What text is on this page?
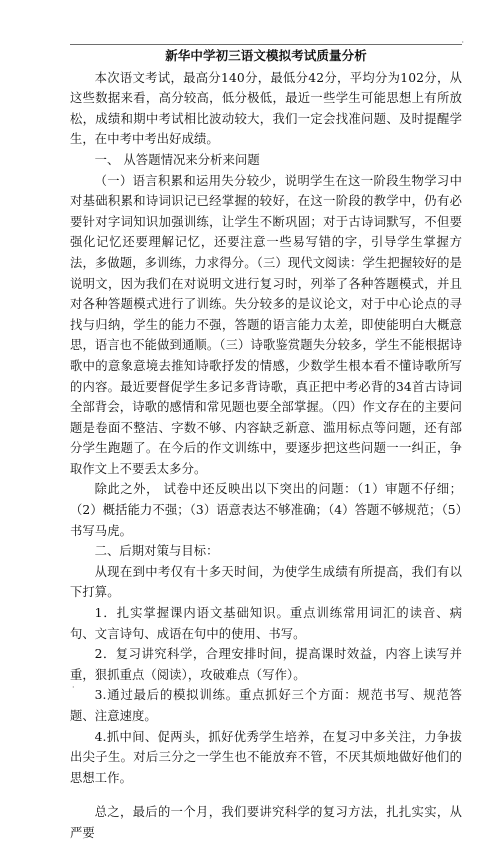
·

新华中学初三语文模拟考试质量分析

本次语文考试，最高分140分，最低分42分，平均分为102分，从这些数据来看，高分较高，低分极低，最近一些学生可能思想上有所放松，成绩和期中考试相比波动较大，我们一定会找准问题、及时提醒学生，在中考中考出好成绩。

一、 从答题情况来分析来问题

（一）语言积累和运用失分较少，说明学生在这一阶段生物学习中对基础积累和诗词识记已经掌握的较好，在这一阶段的教学中，仍有必要针对字词知识加强训练，让学生不断巩固；对于古诗词默写，不但要强化记忆还要理解记忆，还要注意一些易写错的字，引导学生掌握方法，多做题，多训练，力求得分。（三）现代文阅读：学生把握较好的是说明文，因为我们在对说明文进行复习时，列举了各种答题模式，并且对各种答题模式进行了训练。失分较多的是议论文，对于中心论点的寻找与归纳，学生的能力不强，答题的语言能力太差，即使能明白大概意思，语言也不能做到通顺。（三）诗歌鉴赏题失分较多，学生不能根据诗歌中的意象意境去推知诗歌抒发的情感，少数学生根本看不懂诗歌所写的内容。最近要督促学生多记多背诗歌，真正把中考必背的34首古诗词全部背会，诗歌的感情和常见题也要全部掌握。（四）作文存在的主要问题是卷面不整洁、字数不够、内容缺乏新意、滥用标点等问题，还有部分学生跑题了。在今后的作文训练中，要逐步把这些问题一一纠正，争取作文上不要丢太多分。

除此之外， 试卷中还反映出以下突出的问题：（1）审题不仔细；（2）概括能力不强；（3）语意表达不够准确；（4）答题不够规范；（5）书写马虎。

二、后期对策与目标：

从现在到中考仅有十多天时间，为使学生成绩有所提高，我们有以下打算。

1．扎实掌握课内语文基础知识。重点训练常用词汇的读音、病句、文言诗句、成语在句中的使用、书写。

2．复习讲究科学，合理安排时间，提高课时效益，内容上读写并重，狠抓重点（阅读），攻破难点（写作）。

3.通过最后的模拟训练。重点抓好三个方面：规范书写、规范答题、注意速度。

4.抓中间、促两头，抓好优秀学生培养，在复习中多关注，力争拔出尖子生。对后三分之一学生也不能放弃不管，不厌其烦地做好他们的思想工作。

总之，最后的一个月，我们要讲究科学的复习方法，扎扎实实，从严要

·
